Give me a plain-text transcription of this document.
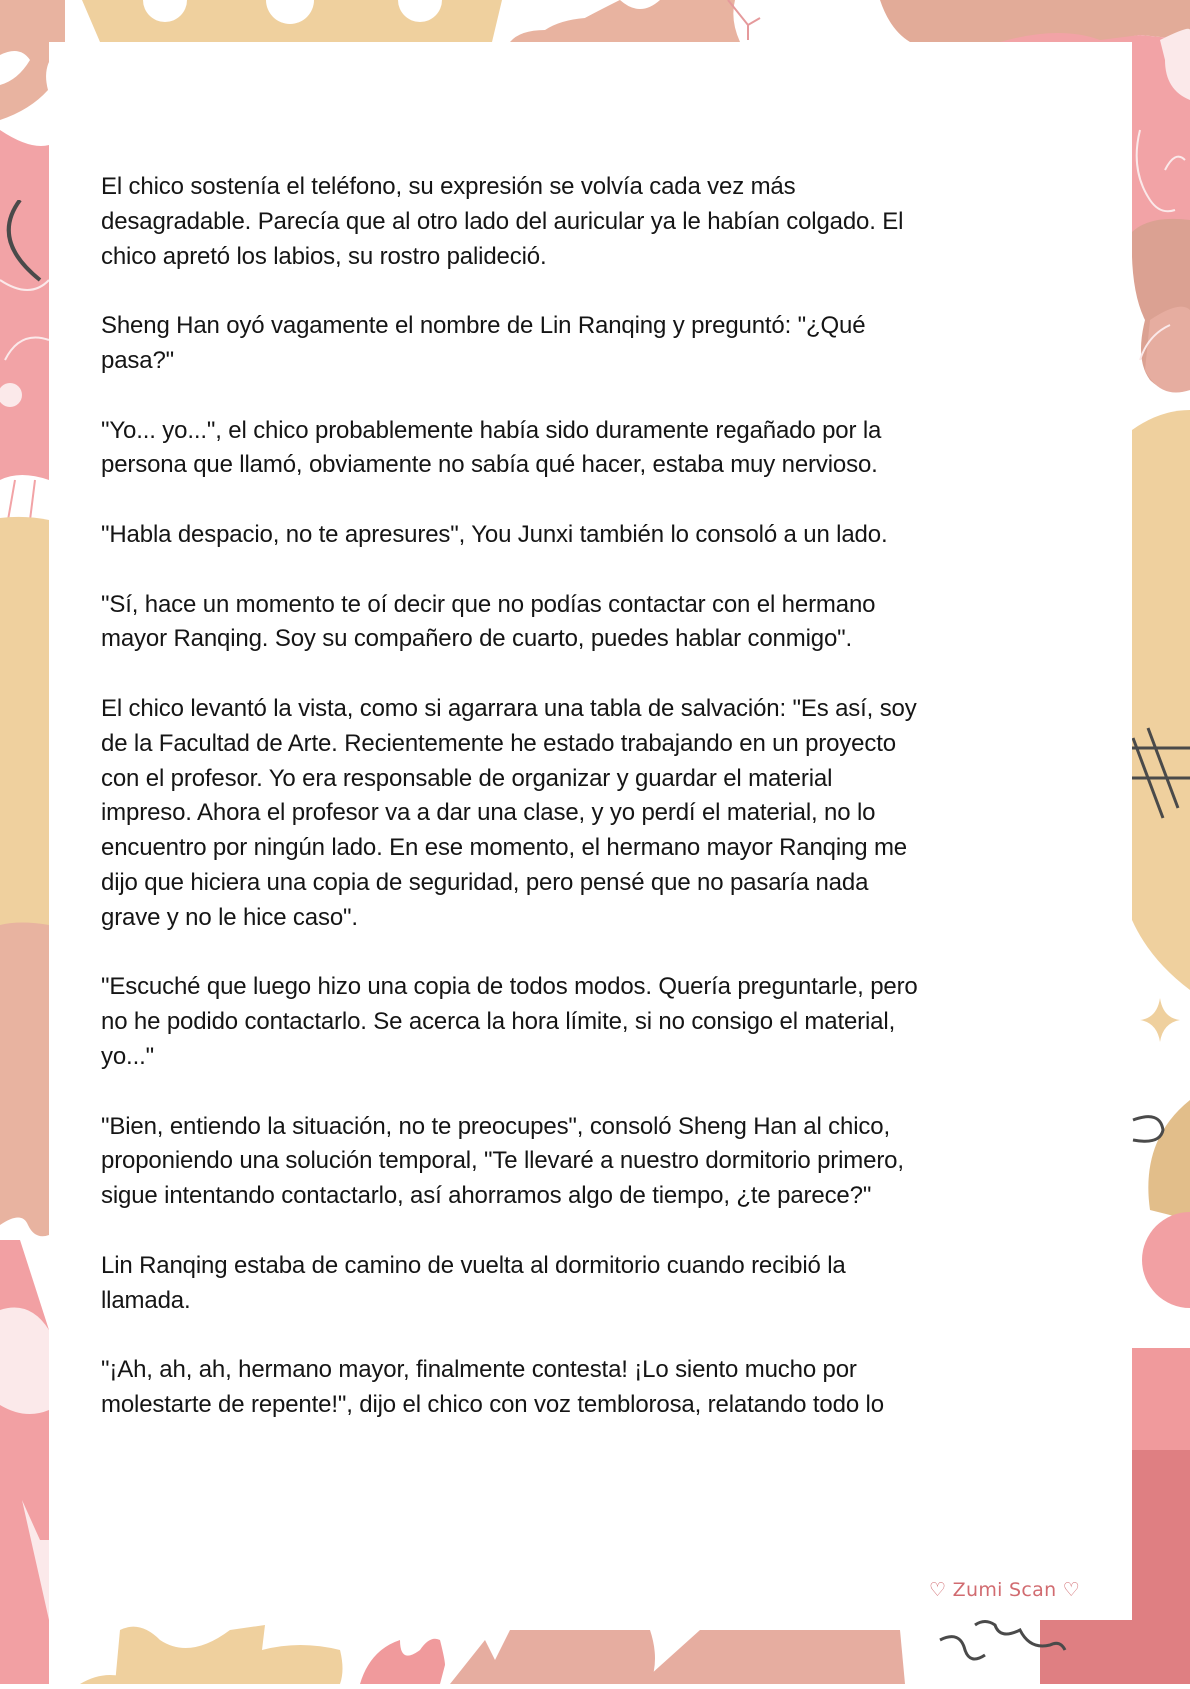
El chico sostenía el teléfono, su expresión se volvía cada vez más
desagradable. Parecía que al otro lado del auricular ya le habían colgado. El
chico apretó los labios, su rostro palideció.

Sheng Han oyó vagamente el nombre de Lin Ranqing y preguntó: "¿Qué
pasa?"

"Yo... yo...", el chico probablemente había sido duramente regañado por la
persona que llamó, obviamente no sabía qué hacer, estaba muy nervioso.

"Habla despacio, no te apresures", You Junxi también lo consoló a un lado.

"Sí, hace un momento te oí decir que no podías contactar con el hermano
mayor Ranqing. Soy su compañero de cuarto, puedes hablar conmigo".

El chico levantó la vista, como si agarrara una tabla de salvación: "Es así, soy
de la Facultad de Arte. Recientemente he estado trabajando en un proyecto
con el profesor. Yo era responsable de organizar y guardar el material
impreso. Ahora el profesor va a dar una clase, y yo perdí el material, no lo
encuentro por ningún lado. En ese momento, el hermano mayor Ranqing me
dijo que hiciera una copia de seguridad, pero pensé que no pasaría nada
grave y no le hice caso".

"Escuché que luego hizo una copia de todos modos. Quería preguntarle, pero
no he podido contactarlo. Se acerca la hora límite, si no consigo el material,
yo..."

"Bien, entiendo la situación, no te preocupes", consoló Sheng Han al chico,
proponiendo una solución temporal, "Te llevaré a nuestro dormitorio primero,
sigue intentando contactarlo, así ahorramos algo de tiempo, ¿te parece?"

Lin Ranqing estaba de camino de vuelta al dormitorio cuando recibió la
llamada.

"¡Ah, ah, ah, hermano mayor, finalmente contesta! ¡Lo siento mucho por
molestarte de repente!", dijo el chico con voz temblorosa, relatando todo lo

♡ Zumi Scan ♡
